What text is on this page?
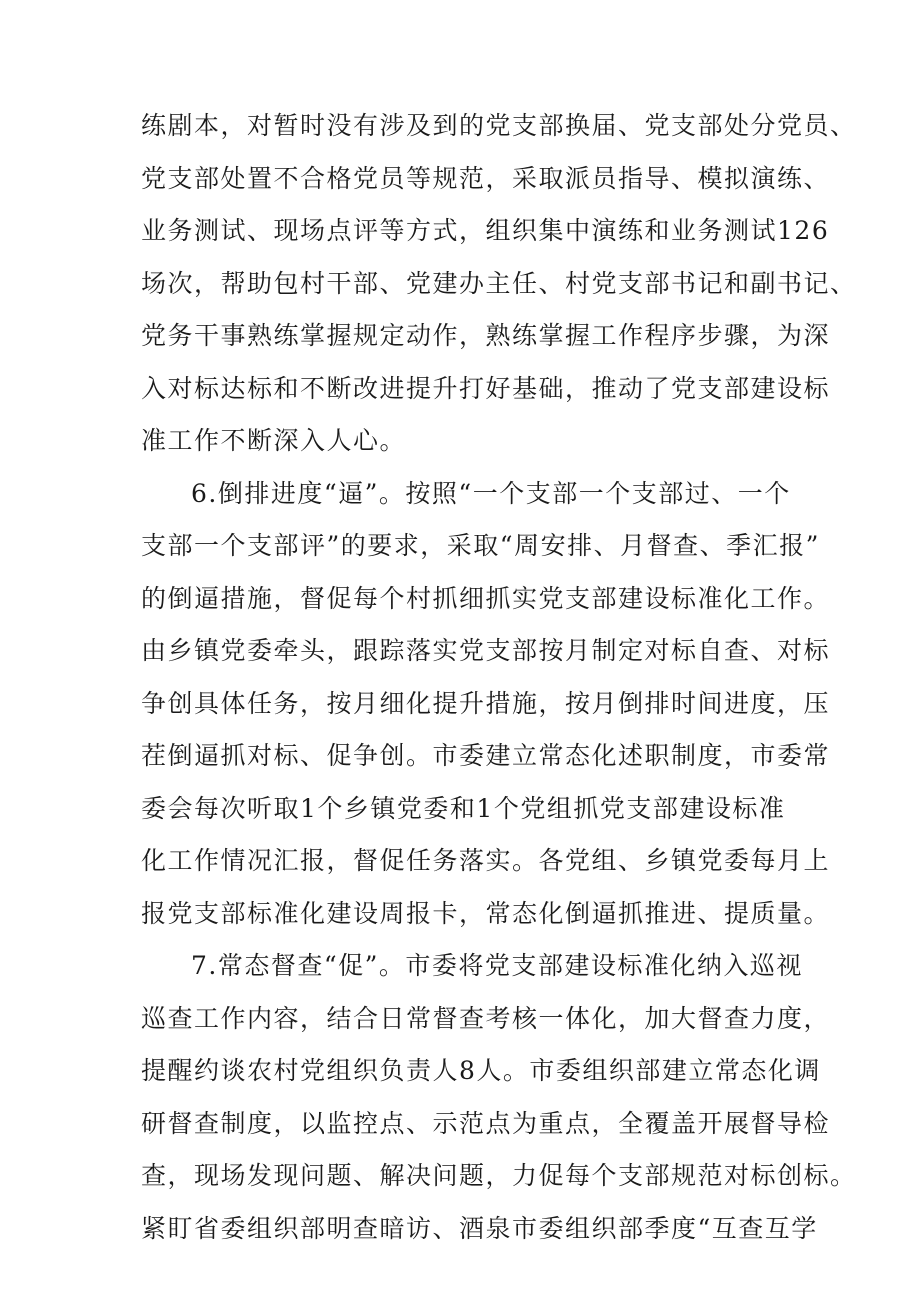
练剧本，对暂时没有涉及到的党支部换届、党支部处分党员、
党支部处置不合格党员等规范，采取派员指导、模拟演练、
业务测试、现场点评等方式，组织集中演练和业务测试126
场次，帮助包村干部、党建办主任、村党支部书记和副书记、
党务干事熟练掌握规定动作，熟练掌握工作程序步骤，为深
入对标达标和不断改进提升打好基础，推动了党支部建设标
准工作不断深入人心。
6.倒排进度“逼”。按照“一个支部一个支部过、一个
支部一个支部评”的要求，采取“周安排、月督查、季汇报”
的倒逼措施，督促每个村抓细抓实党支部建设标准化工作。
由乡镇党委牵头，跟踪落实党支部按月制定对标自查、对标
争创具体任务，按月细化提升措施，按月倒排时间进度，压
茬倒逼抓对标、促争创。市委建立常态化述职制度，市委常
委会每次听取1个乡镇党委和1个党组抓党支部建设标准
化工作情况汇报，督促任务落实。各党组、乡镇党委每月上
报党支部标准化建设周报卡，常态化倒逼抓推进、提质量。
7.常态督查“促”。市委将党支部建设标准化纳入巡视
巡查工作内容，结合日常督查考核一体化，加大督查力度，
提醒约谈农村党组织负责人8人。市委组织部建立常态化调
研督查制度，以监控点、示范点为重点，全覆盖开展督导检
查，现场发现问题、解决问题，力促每个支部规范对标创标。
紧盯省委组织部明查暗访、酒泉市委组织部季度“互查互学
